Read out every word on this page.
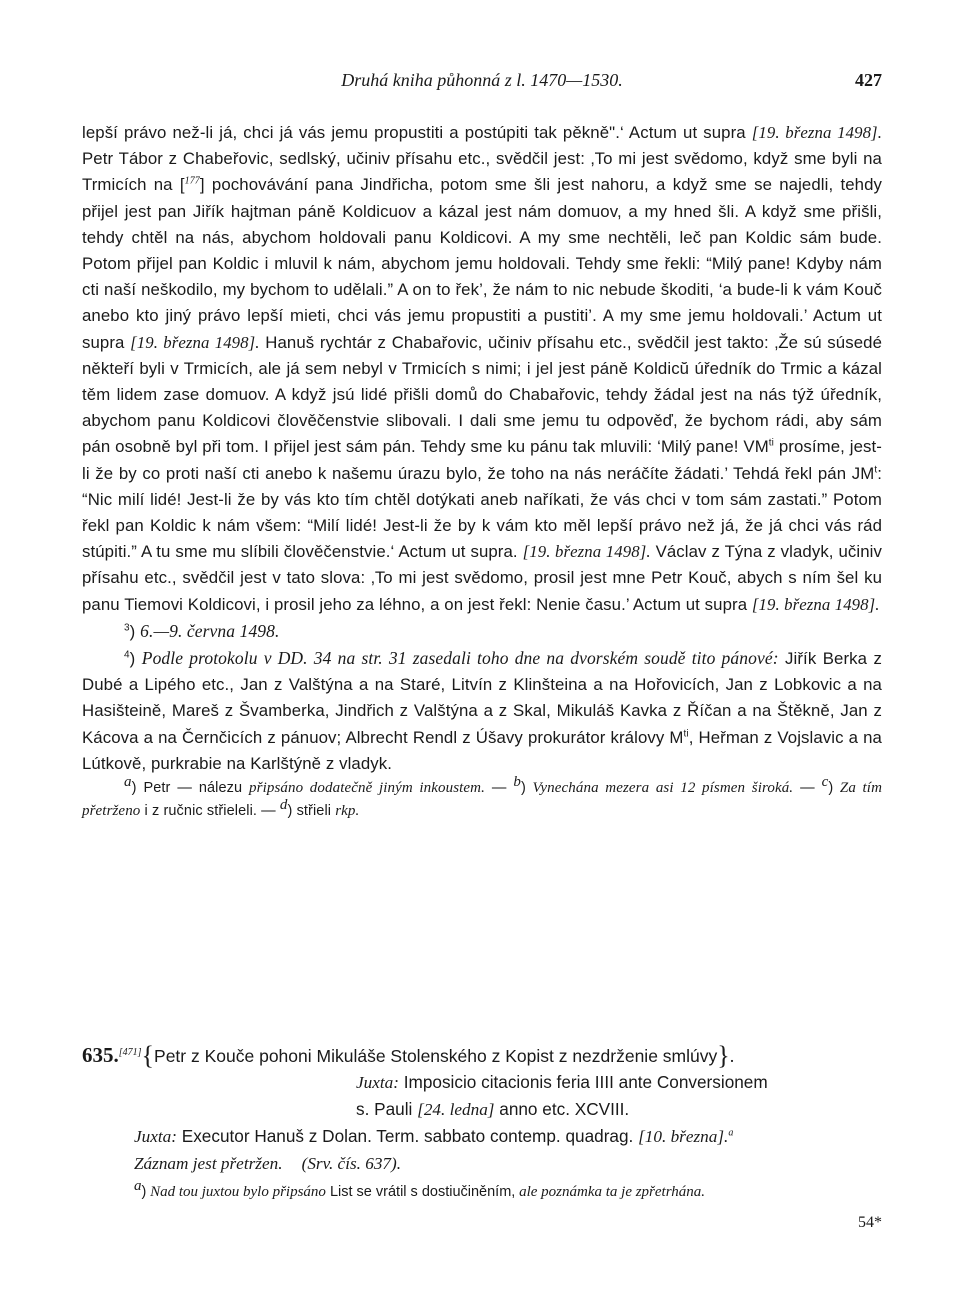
Druhá kniha půhonná z l. 1470—1530.	427

lepší právo než-li já, chci já vás jemu propustiti a postúpiti tak pěkně".‘ Actum ut supra [19. března 1498]. Petr Tábor z Chabeřovic, sedlský, učiniv přísahu etc., svědčil jest: ‚To mi jest svědomo, když sme byli na Trmicích na [$^{177}$] pochovávání pana Jindřicha, potom sme šli jest nahoru, a když sme se najedli, tehdy přijel jest pan Jiřík hajtman páně Koldicuov a kázal jest nám domuov, a my hned šli. A když sme přišli, tehdy chtěl na nás, abychom holdovali panu Koldicovi. A my sme nechtěli, leč pan Koldic sám bude. Potom přijel pan Koldic i mluvil k nám, abychom jemu holdovali. Tehdy sme řekli: “Milý pane! Kdyby nám cti naší neškodilo, my bychom to udělali.” A on to řek’, že nám to nic nebude škoditi, ‘a bude-li k vám Kouč anebo kto jiný právo lepší mieti, chci vás jemu propustiti a pustiti’. A my sme jemu holdovali.’ Actum ut supra [19. března 1498]. Hanuš rychtár z Chabařovic, učiniv přísahu etc., svědčil jest takto: ‚Že sú súsedé někteří byli v Trmicích, ale já sem nebyl v Trmicích s nimi; i jel jest páně Koldicŭ úředník do Trmic a kázal těm lidem zase domuov. A když jsú lidé přišli domů do Chabařovic, tehdy žádal jest na nás týž úředník, abychom panu Koldicovi člověčenstvie slibovali. I dali sme jemu tu odpověď, že bychom rádi, aby sám pán osobně byl při tom. I přijel jest sám pán. Tehdy sme ku pánu tak mluvili: ‘Milý pane! $VM^{ti}$ prosíme, jest-li že by co proti naší cti anebo k našemu úrazu bylo, že toho na nás neráčíte žádati.’ Tehdá řekl pán $JM^t$: “Nic milí lidé! Jest-li že by vás kto tím chtěl dotýkati aneb naříkati, že vás chci v tom sám zastati.” Potom řekl pan Koldic k nám všem: “Milí lidé! Jest-li že by k vám kto měl lepší právo než já, že já chci vás rád stúpiti.” A tu sme mu slíbili člověčenstvie.‘ Actum ut supra. [19. března 1498]. Václav z Týna z vladyk, učiniv přísahu etc., svědčil jest v tato slova: ‚To mi jest svědomo, prosil jest mne Petr Kouč, abych s ním šel ku panu Tiemovi Koldicovi, i prosil jeho za léhno, a on jest řekl: Nenie času.’ Actum ut supra [19. března 1498].

$^3$) 6.—9. června 1498.

$^4$) Podle protokolu v DD. 34 na str. 31 zasedali toho dne na dvorském soudě tito pánové: Jiřík Berka z Dubé a Lipého etc., Jan z Valštýna a na Staré, Litvín z Klinšteina a na Hořovicích, Jan z Lobkovic a na Hasišteině, Mareš z Švamberka, Jindřich z Valštýna a z Skal, Mikuláš Kavka z Říčan a na Štěkně, Jan z Kácova a na Černčicích z pánuov; Albrecht Rendl z Úšavy prokurátor královy $M^{ti}$, Heřman z Vojslavic a na Lútkově, purkrabie na Karlštýně z vladyk.

$^a$) Petr — nálezu připsáno dodatečně jiným inkoustem. — $^b$) Vynechána mezera asi 12 písmen široká. — $^c$) Za tím přetrženo i z ručnic střieleli. — $^d$) střieli rkp.

635.[471]{Petr z Kouče pohoni Mikuláše Stolenského z Kopist z nezdrženie smlúvy}.
Juxta: Imposicio citacionis feria IIII ante Conversionem
s. Pauli [24. ledna] anno etc. XCVIII.
Juxta: Executor Hanuš z Dolan. Term. sabbato contemp. quadrag. [10. března].$^a$
Záznam jest přetržen. (Srv. čís. 637).
$^a$) Nad tou juxtou bylo připsáno List se vrátil s dostiučiněním, ale poznámka ta je zpřetrhána.
54*
